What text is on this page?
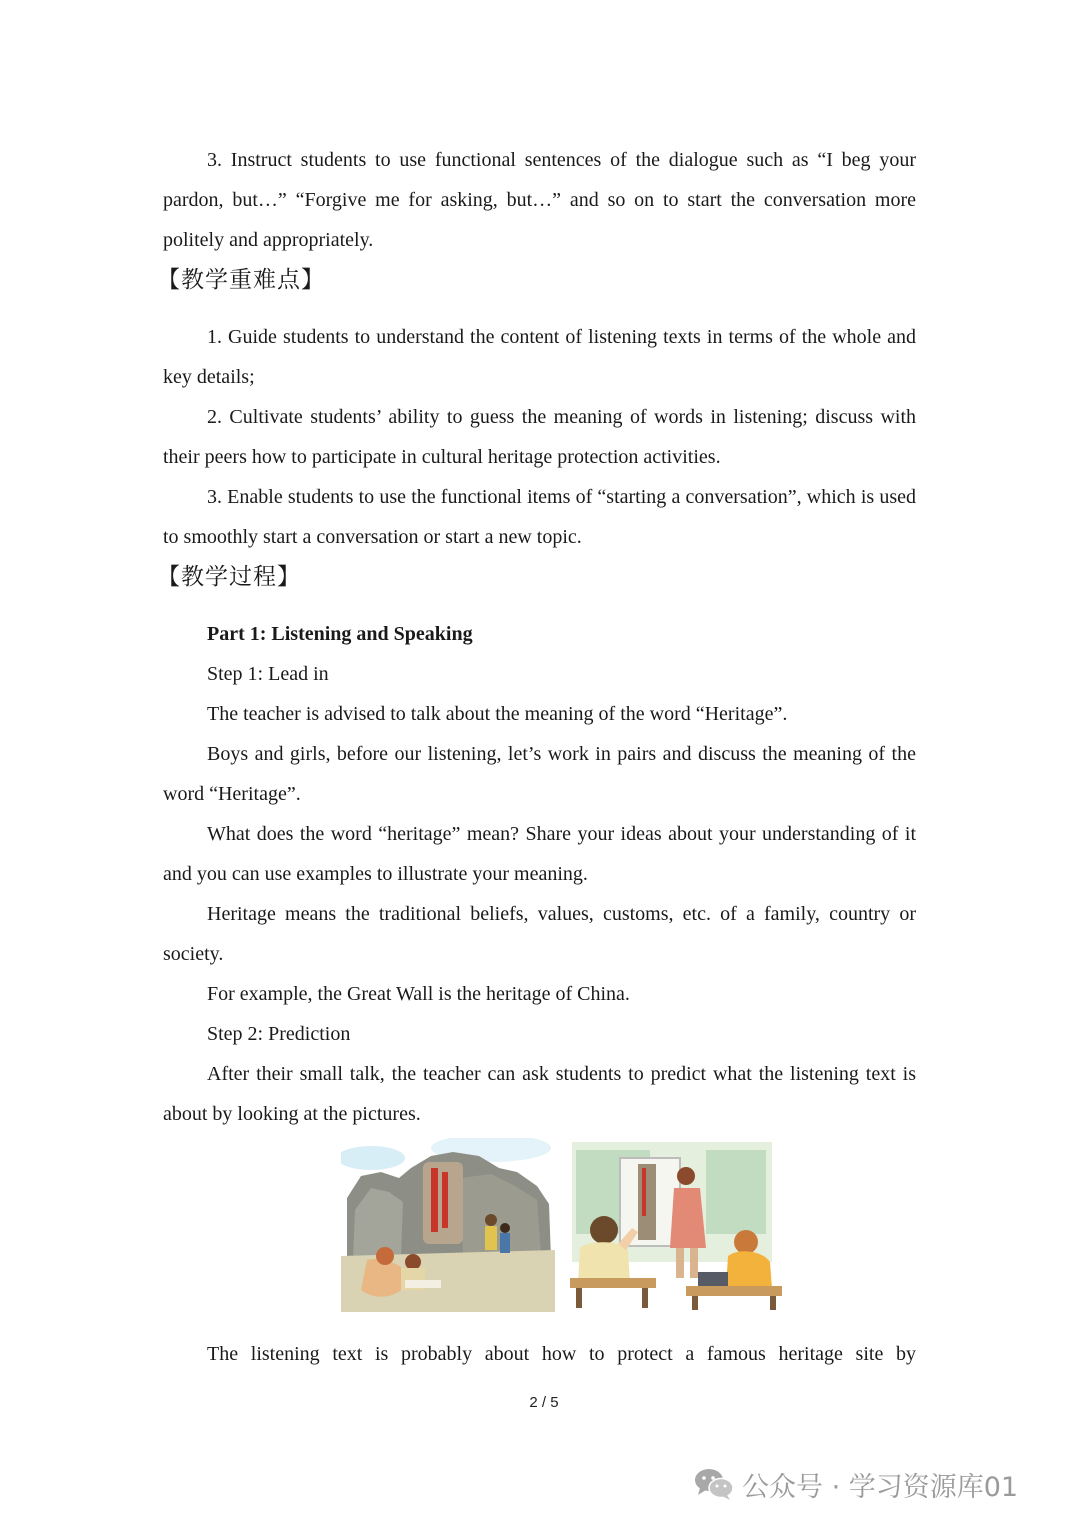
3. Instruct students to use functional sentences of the dialogue such as “I beg your pardon, but…” “Forgive me for asking, but…” and so on to start the conversation more politely and appropriately.

【教学重难点】

1. Guide students to understand the content of listening texts in terms of the whole and key details;

2. Cultivate students’ ability to guess the meaning of words in listening; discuss with their peers how to participate in cultural heritage protection activities.

3. Enable students to use the functional items of “starting a conversation”, which is used to smoothly start a conversation or start a new topic.

【教学过程】

Part 1: Listening and Speaking

Step 1: Lead in

The teacher is advised to talk about the meaning of the word “Heritage”.

Boys and girls, before our listening, let’s work in pairs and discuss the meaning of the word “Heritage”.

What does the word “heritage” mean? Share your ideas about your understanding of it and you can use examples to illustrate your meaning.

Heritage means the traditional beliefs, values, customs, etc. of a family, country or society.

For example, the Great Wall is the heritage of China.

Step 2: Prediction

After their small talk, the teacher can ask students to predict what the listening text is about by looking at the pictures.

The listening text is probably about how to protect a famous heritage site by

2 / 5
公众号 · 学习资源库01
